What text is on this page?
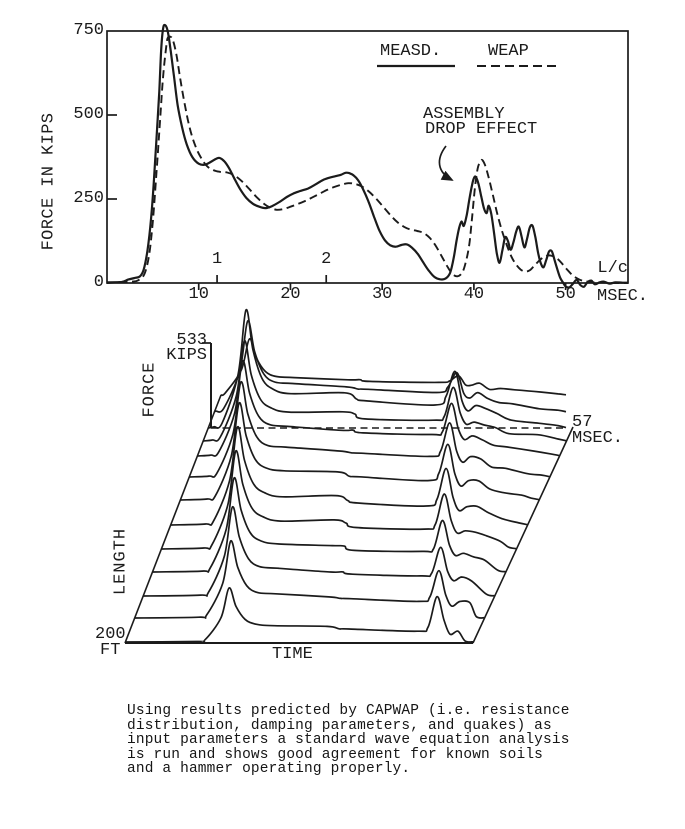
FORCE IN KIPS
MEASD.	WEAP
ASSEMBLY
DROP EFFECT
L/c
MSEC.
533
KIPS
FORCE
57
MSEC.
LENGTH
200
FT	TIME
Using results predicted by CAPWAP (i.e. resistance
distribution, damping parameters, and quakes) as
input parameters a standard wave equation analysis
is run and shows good agreement for known soils
and a hammer operating properly.
750
500
250
0
10	20	30	40	50
1	2
